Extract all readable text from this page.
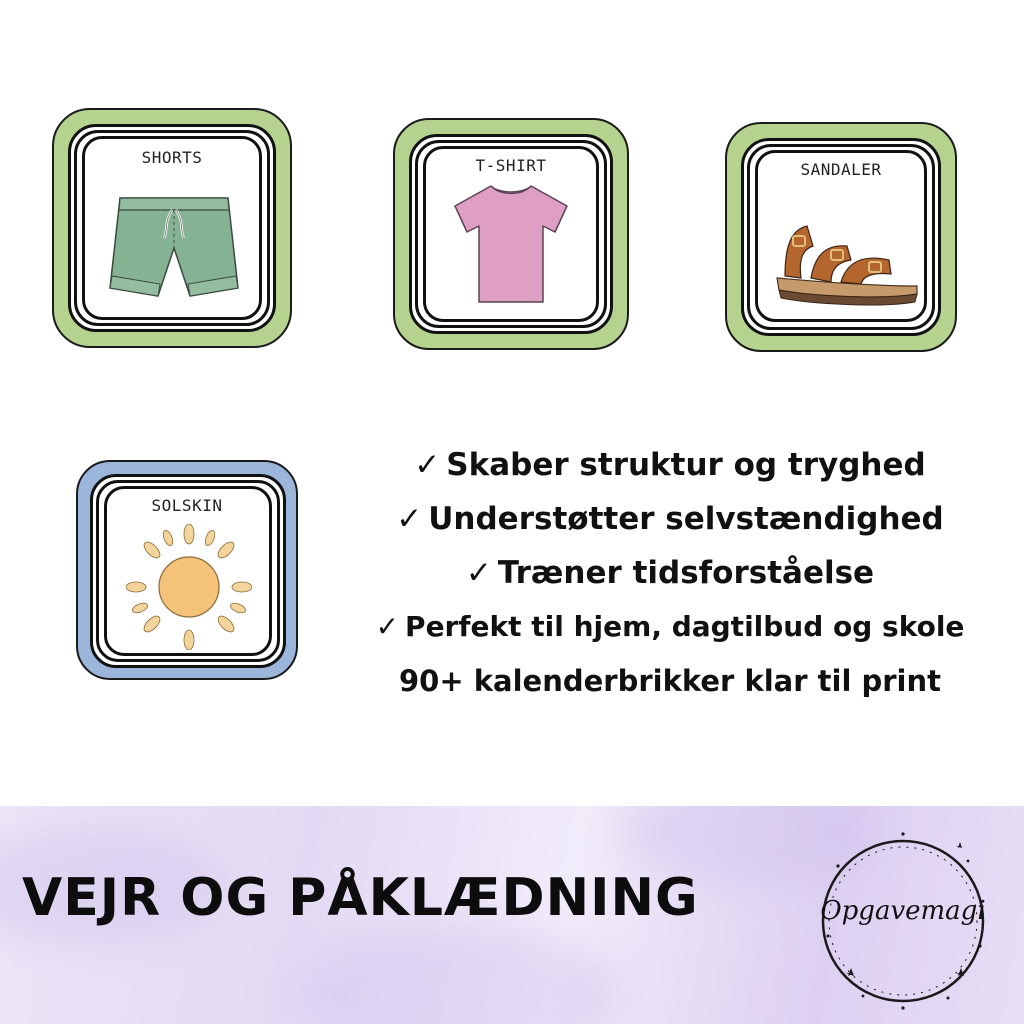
SHORTS	T-SHIRT	SANDALER
SOLSKIN
✓ Skaber struktur og tryghed
✓ Understøtter selvstændighed
✓ Træner tidsforståelse
✓ Perfekt til hjem, dagtilbud og skole
90+ kalenderbrikker klar til print
VEJR OG PÅKLÆDNING	Opgavemagi
